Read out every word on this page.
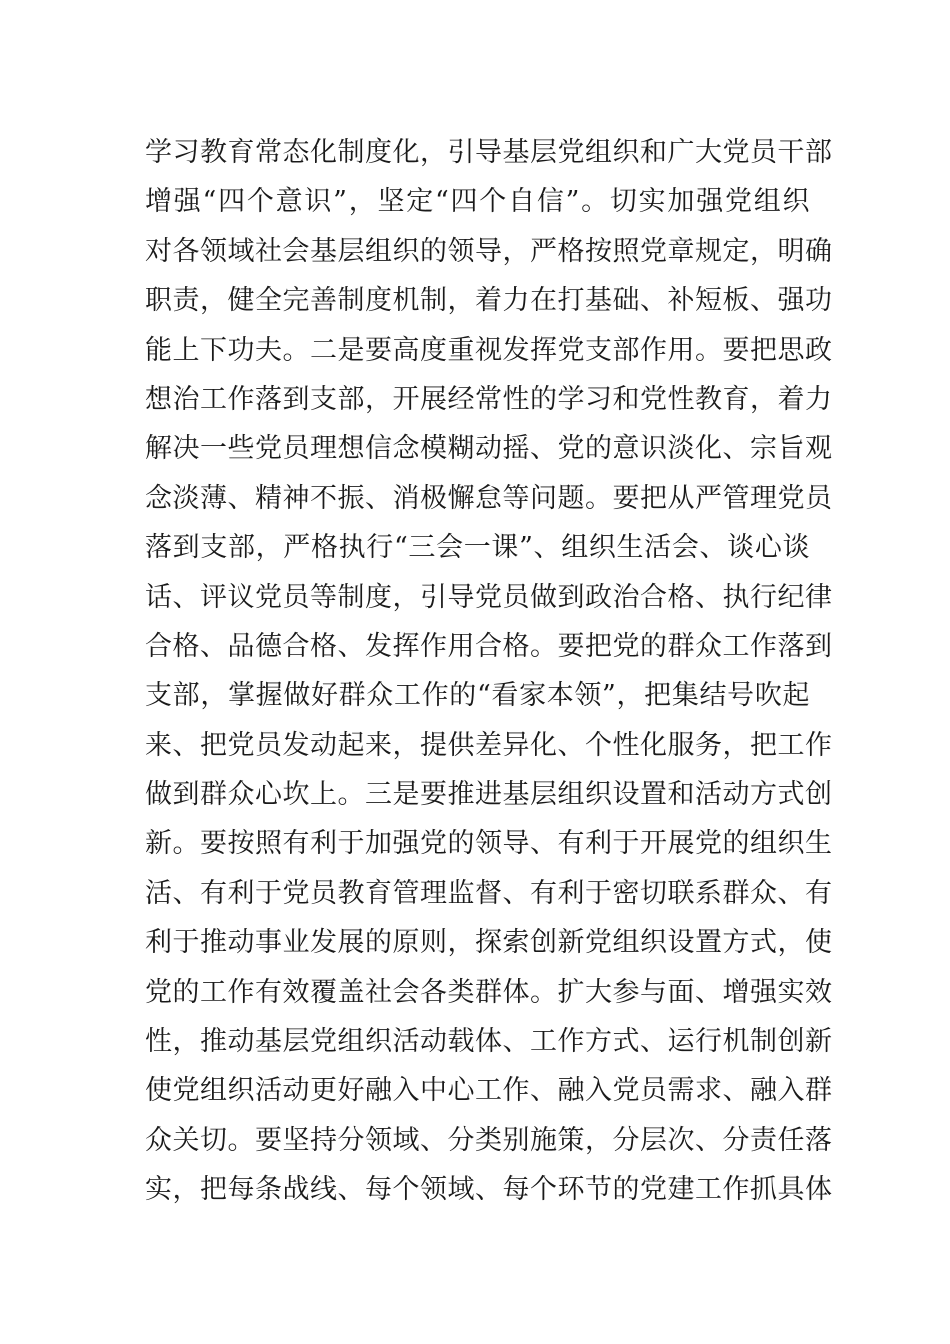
学习教育常态化制度化，引导基层党组织和广大党员干部
增强“四个意识”，坚定“四个自信”。切实加强党组织
对各领域社会基层组织的领导，严格按照党章规定，明确
职责，健全完善制度机制，着力在打基础、补短板、强功
能上下功夫。二是要高度重视发挥党支部作用。要把思政
想治工作落到支部，开展经常性的学习和党性教育，着力
解决一些党员理想信念模糊动摇、党的意识淡化、宗旨观
念淡薄、精神不振、消极懈怠等问题。要把从严管理党员
落到支部，严格执行“三会一课”、组织生活会、谈心谈
话、评议党员等制度，引导党员做到政治合格、执行纪律
合格、品德合格、发挥作用合格。要把党的群众工作落到
支部，掌握做好群众工作的“看家本领”，把集结号吹起
来、把党员发动起来，提供差异化、个性化服务，把工作
做到群众心坎上。三是要推进基层组织设置和活动方式创
新。要按照有利于加强党的领导、有利于开展党的组织生
活、有利于党员教育管理监督、有利于密切联系群众、有
利于推动事业发展的原则，探索创新党组织设置方式，使
党的工作有效覆盖社会各类群体。扩大参与面、增强实效
性，推动基层党组织活动载体、工作方式、运行机制创新
使党组织活动更好融入中心工作、融入党员需求、融入群
众关切。要坚持分领域、分类别施策，分层次、分责任落
实，把每条战线、每个领域、每个环节的党建工作抓具体
